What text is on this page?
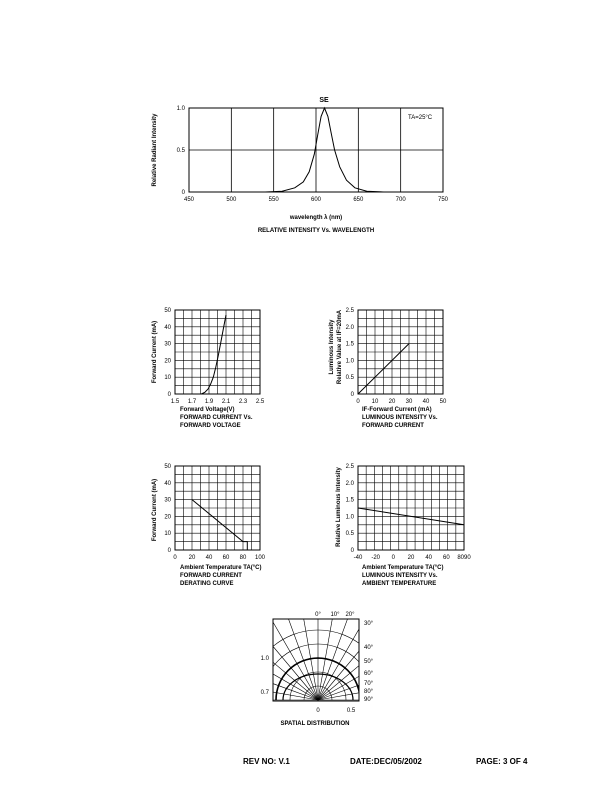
450	500	550	600	650	700	750
0
0.5
1.0
SE
TA=25°C
Relative Radiant Intensity
wavelength λ (nm)
RELATIVE INTENSITY Vs. WAVELENGTH
1.5 1.7 1.9 2.1 2.3 2.5
0
10
20
30
40
50
Forward Current (mA)
Forward Voltage(V)
FORWARD CURRENT Vs.
FORWARD VOLTAGE
0 10 20 30 40 50
0
0.5
1.0
1.5
2.0
2.5
Luminous Intensity Relative Value at IF=20mA
IF-Forward Current (mA)
LUMINOUS INTENSITY Vs.
FORWARD CURRENT
0 20 40 60 80 100
0
10
20
30
40
50
Forward Current (mA)
Ambient Temperature TA(°C)
FORWARD CURRENT
DERATING CURVE
-40 -20 0 20 40 60 8090
0
0.5
1.0
1.5
2.0
2.5
Relative Luminous Intensity
Ambient Temperature TA(°C)
LUMINOUS INTENSITY Vs.
AMBIENT TEMPERATURE
0° 10° 20°
30°
40°
50°
60°
70°
80°
90°
1.0
0.7
0	0.5
SPATIAL DISTRIBUTION
REV NO: V.1	DATE:DEC/05/2002	PAGE: 3 OF 4
